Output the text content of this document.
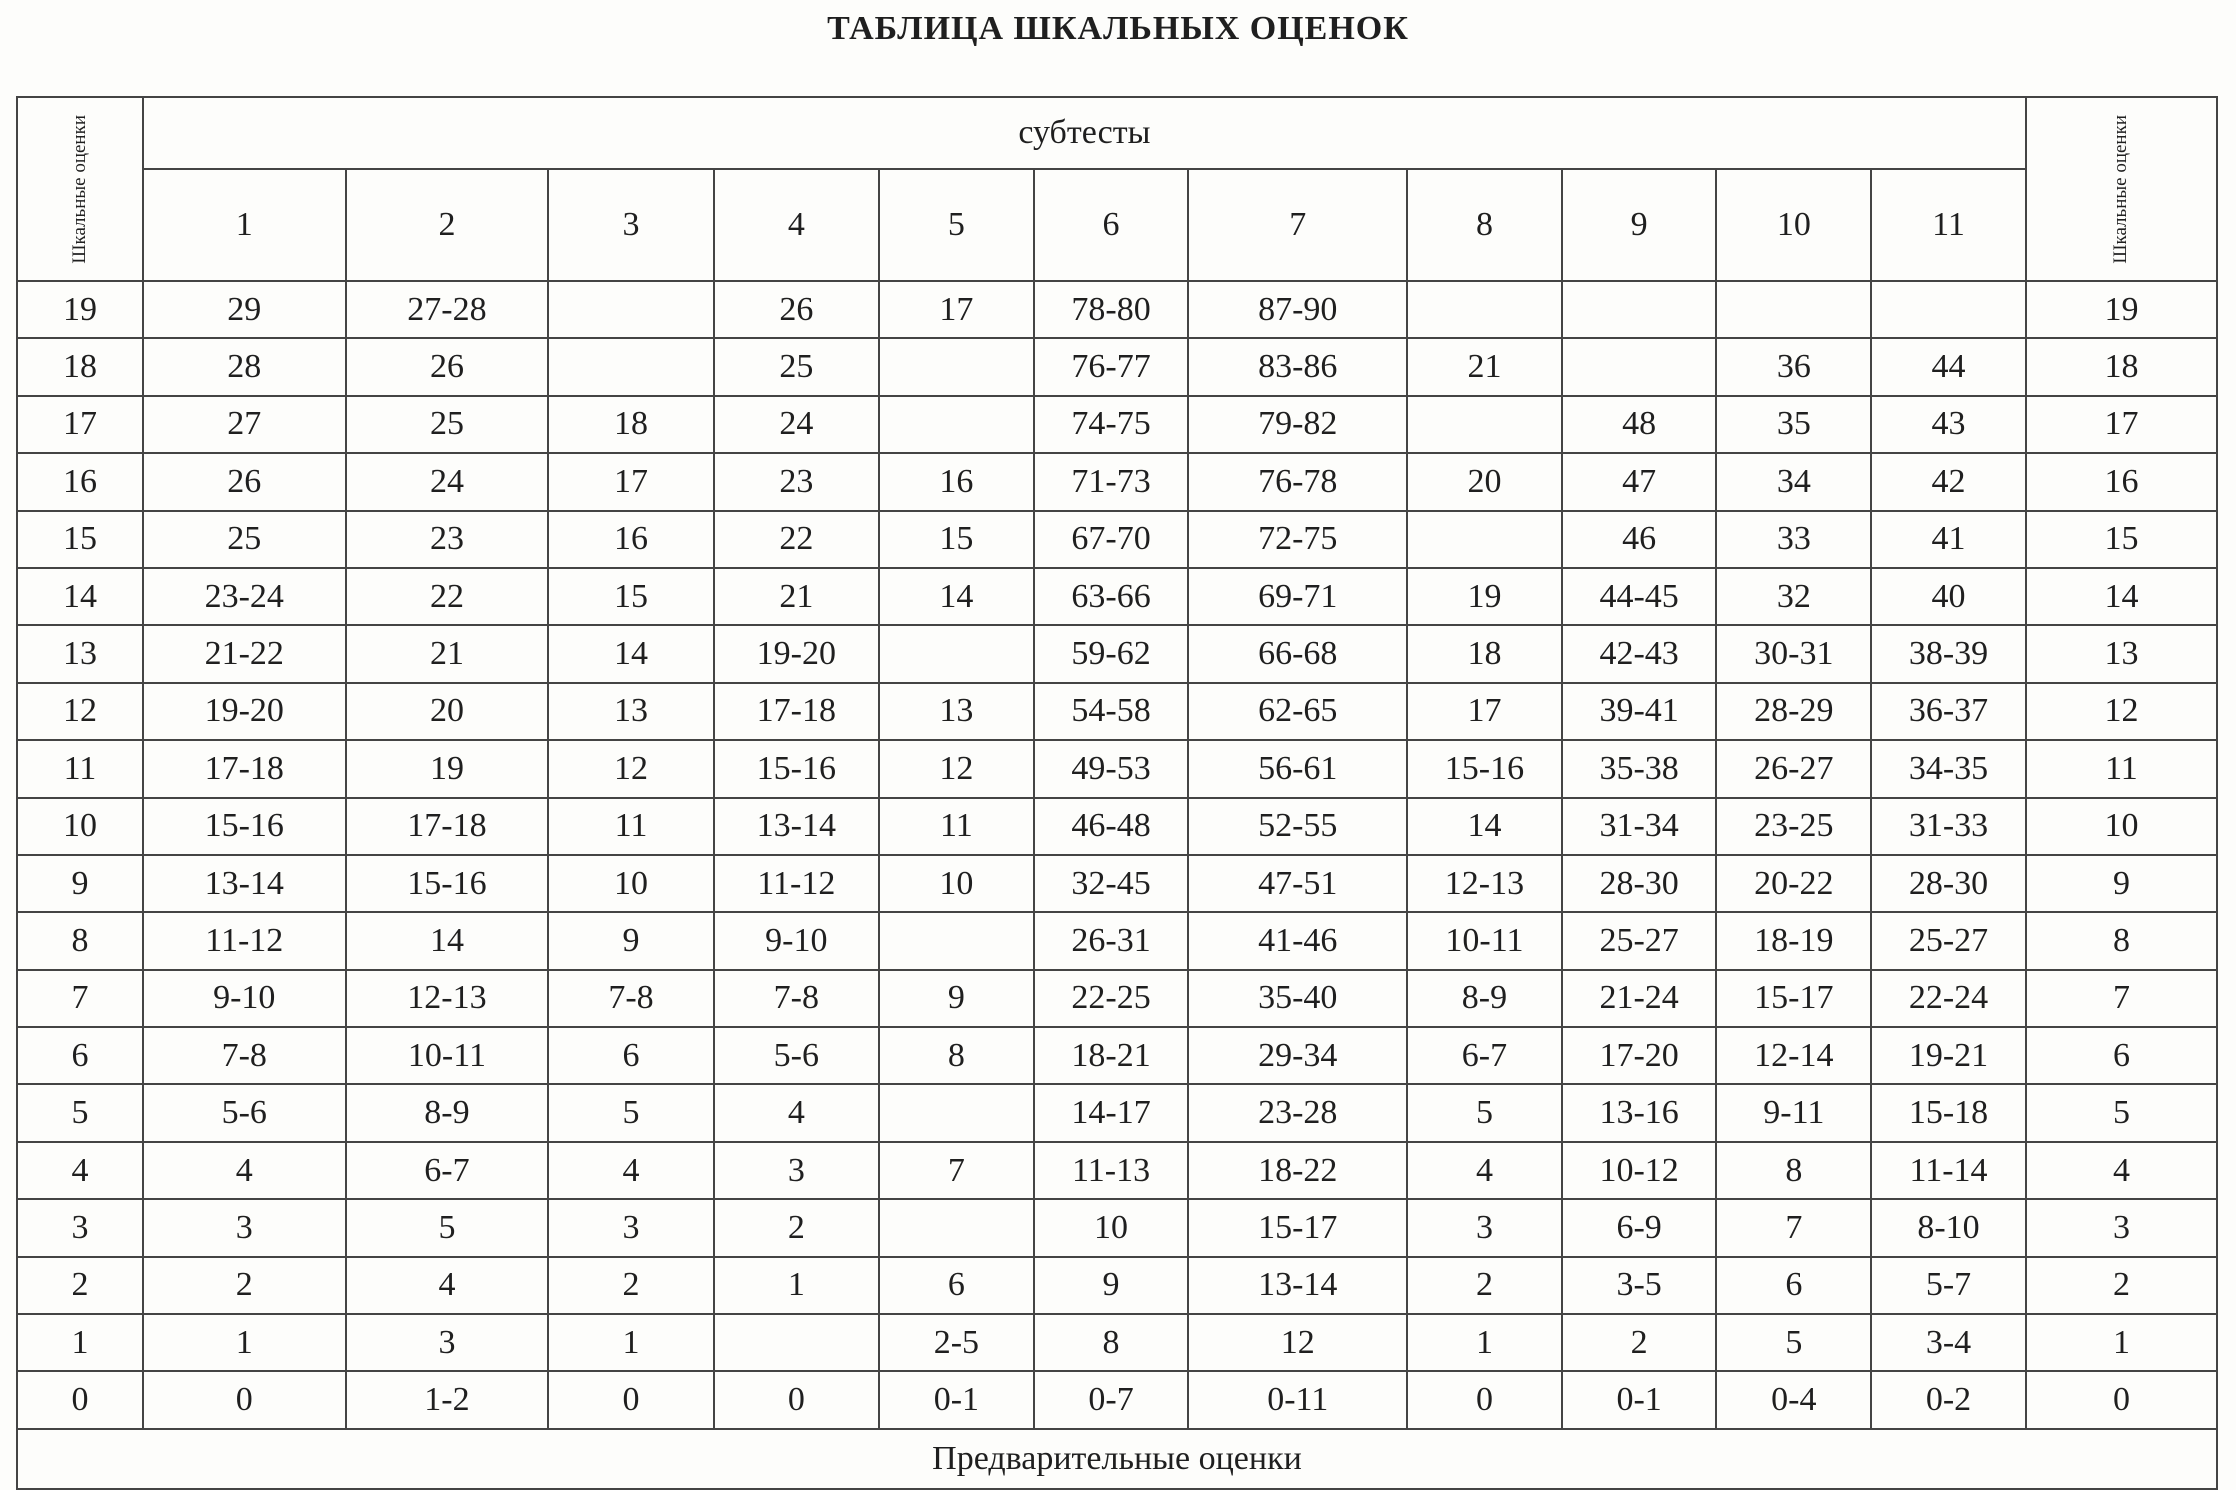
ТАБЛИЦА ШКАЛЬНЫХ ОЦЕНОК
Шкальные оценки	субтесты											Шкальные оценки

	1	2	3	4	5	6	7	8	9	10	11	
19	29	27-28		26	17	78-80	87-90					19
18	28	26		25		76-77	83-86	21		36	44	18
17	27	25	18	24		74-75	79-82		48	35	43	17
16	26	24	17	23	16	71-73	76-78	20	47	34	42	16
15	25	23	16	22	15	67-70	72-75		46	33	41	15
14	23-24	22	15	21	14	63-66	69-71	19	44-45	32	40	14
13	21-22	21	14	19-20		59-62	66-68	18	42-43	30-31	38-39	13
12	19-20	20	13	17-18	13	54-58	62-65	17	39-41	28-29	36-37	12
11	17-18	19	12	15-16	12	49-53	56-61	15-16	35-38	26-27	34-35	11
10	15-16	17-18	11	13-14	11	46-48	52-55	14	31-34	23-25	31-33	10
9	13-14	15-16	10	11-12	10	32-45	47-51	12-13	28-30	20-22	28-30	9
8	11-12	14	9	9-10		26-31	41-46	10-11	25-27	18-19	25-27	8
7	9-10	12-13	7-8	7-8	9	22-25	35-40	8-9	21-24	15-17	22-24	7
6	7-8	10-11	6	5-6	8	18-21	29-34	6-7	17-20	12-14	19-21	6
5	5-6	8-9	5	4		14-17	23-28	5	13-16	9-11	15-18	5
4	4	6-7	4	3	7	11-13	18-22	4	10-12	8	11-14	4
3	3	5	3	2		10	15-17	3	6-9	7	8-10	3
2	2	4	2	1	6	9	13-14	2	3-5	6	5-7	2
1	1	3	1		2-5	8	12	1	2	5	3-4	1
0	0	1-2	0	0	0-1	0-7	0-11	0	0-1	0-4	0-2	0
Предварительные оценки												
